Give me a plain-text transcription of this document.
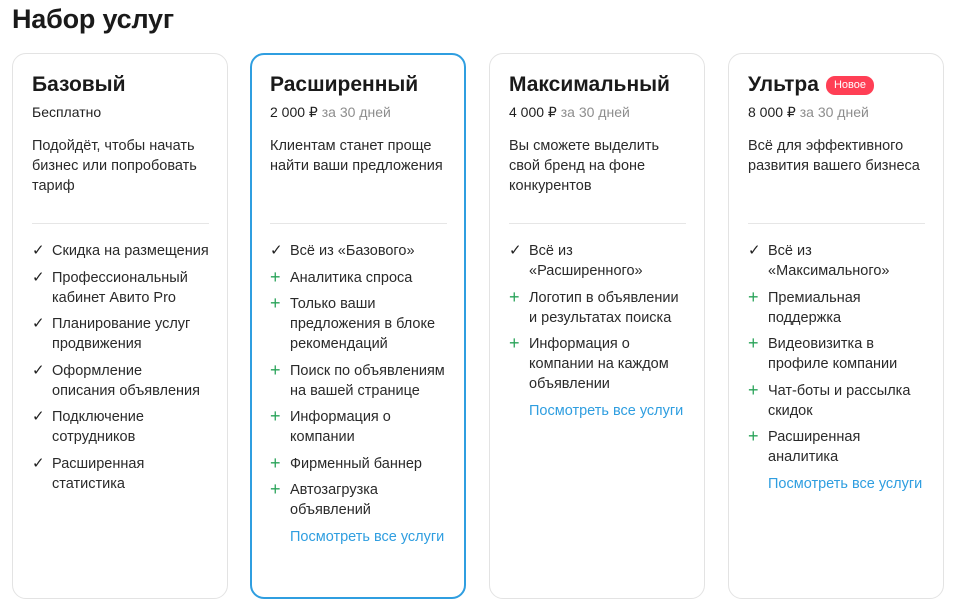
Набор услуг
Базовый
Бесплатно
Подойдёт, чтобы начать бизнес или попробовать тариф
✓ Скидка на размещения
✓ Профессиональный кабинет Авито Pro
✓ Планирование услуг продвижения
✓ Оформление описания объявления
✓ Подключение сотрудников
✓ Расширенная статистика
Расширенный
2 000 ₽ за 30 дней
Клиентам станет проще найти ваши предложения
✓ Всё из «Базового»
+ Аналитика спроса
+ Только ваши предложения в блоке рекомендаций
+ Поиск по объявлениям на вашей странице
+ Информация о компании
+ Фирменный баннер
+ Автозагрузка объявлений
Посмотреть все услуги
Максимальный
4 000 ₽ за 30 дней
Вы сможете выделить свой бренд на фоне конкурентов
✓ Всё из «Расширенного»
+ Логотип в объявлении и результатах поиска
+ Информация о компании на каждом объявлении
Посмотреть все услуги
Ультра	Новое
8 000 ₽ за 30 дней
Всё для эффективного развития вашего бизнеса
✓ Всё из «Максимального»
+ Премиальная поддержка
+ Видеовизитка в профиле компании
+ Чат-боты и рассылка скидок
+ Расширенная аналитика
Посмотреть все услуги
